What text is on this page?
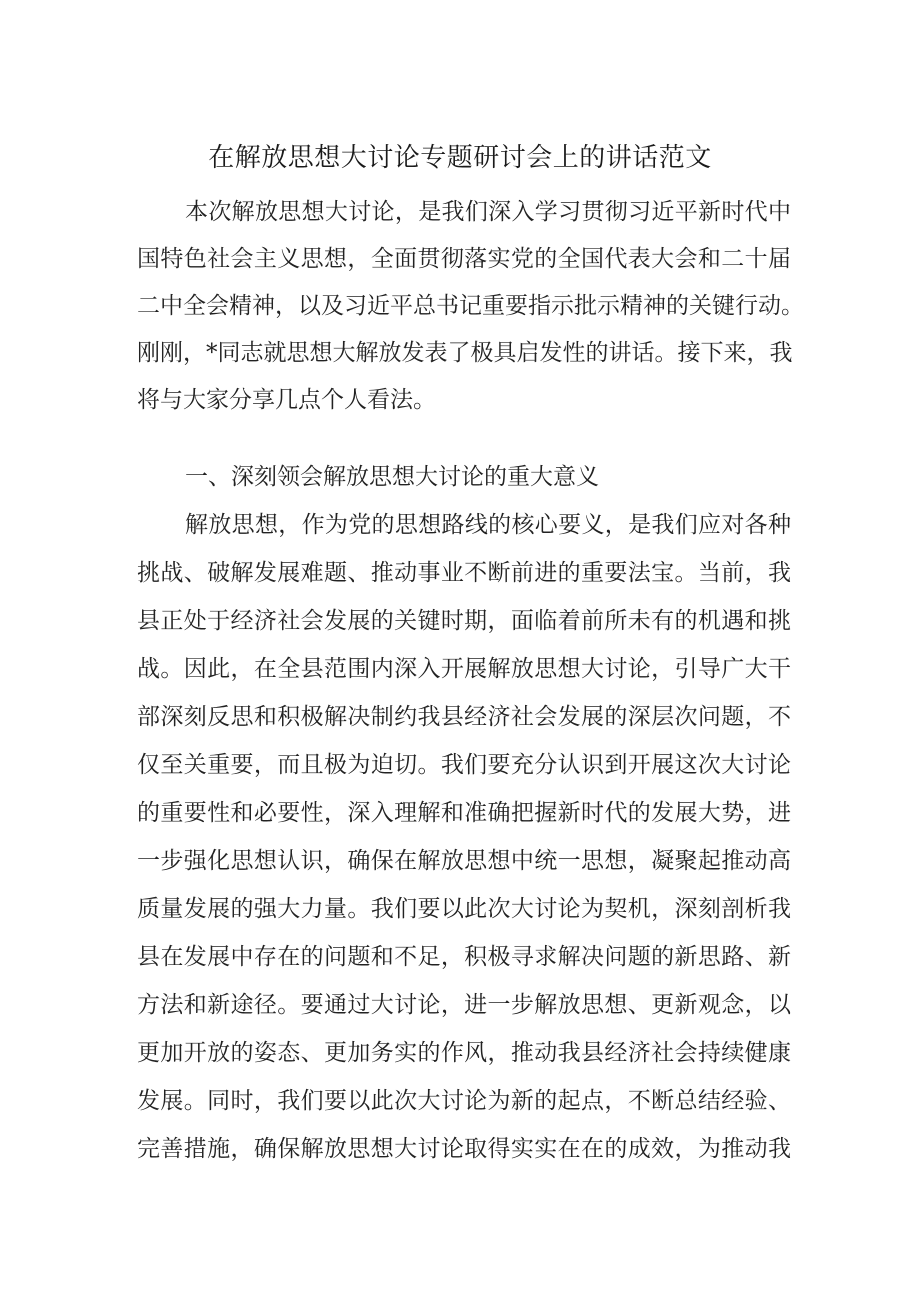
在解放思想大讨论专题研讨会上的讲话范文
本次解放思想大讨论，是我们深入学习贯彻习近平新时代中
国特色社会主义思想，全面贯彻落实党的全国代表大会和二十届
二中全会精神，以及习近平总书记重要指示批示精神的关键行动。
刚刚，*同志就思想大解放发表了极具启发性的讲话。接下来，我
将与大家分享几点个人看法。
一、深刻领会解放思想大讨论的重大意义
解放思想，作为党的思想路线的核心要义，是我们应对各种
挑战、破解发展难题、推动事业不断前进的重要法宝。当前，我
县正处于经济社会发展的关键时期，面临着前所未有的机遇和挑
战。因此，在全县范围内深入开展解放思想大讨论，引导广大干
部深刻反思和积极解决制约我县经济社会发展的深层次问题，不
仅至关重要，而且极为迫切。我们要充分认识到开展这次大讨论
的重要性和必要性，深入理解和准确把握新时代的发展大势，进
一步强化思想认识，确保在解放思想中统一思想，凝聚起推动高
质量发展的强大力量。我们要以此次大讨论为契机，深刻剖析我
县在发展中存在的问题和不足，积极寻求解决问题的新思路、新
方法和新途径。要通过大讨论，进一步解放思想、更新观念，以
更加开放的姿态、更加务实的作风，推动我县经济社会持续健康
发展。同时，我们要以此次大讨论为新的起点，不断总结经验、
完善措施，确保解放思想大讨论取得实实在在的成效，为推动我
